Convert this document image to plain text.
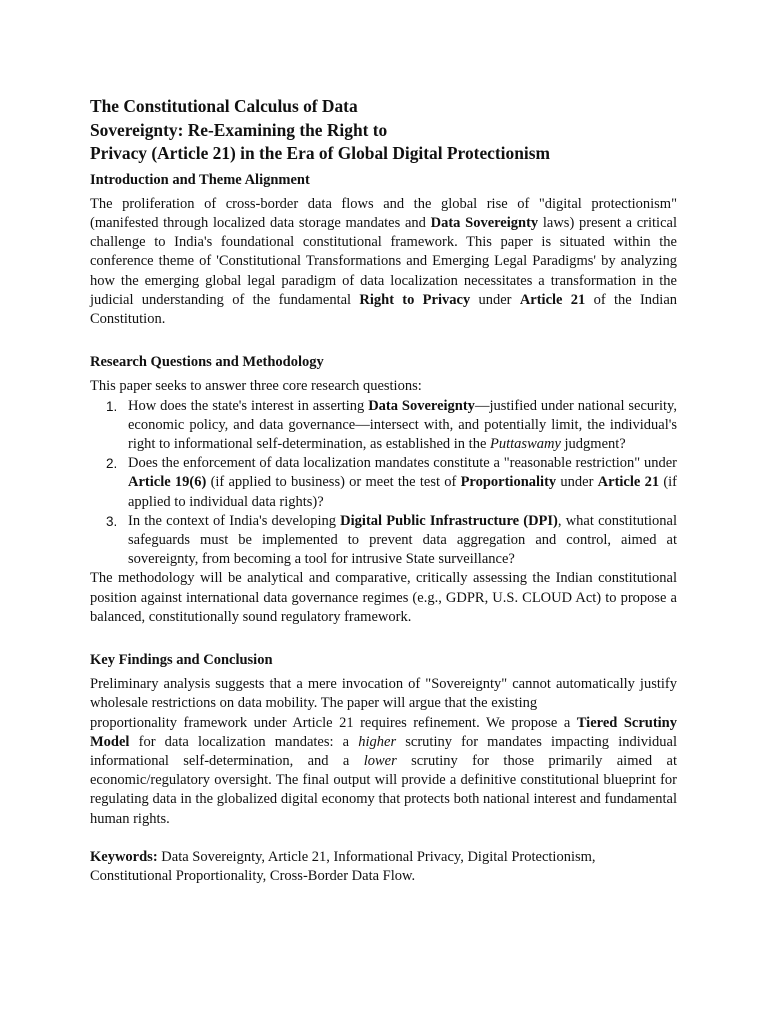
The Constitutional Calculus of Data
Sovereignty: Re-Examining the Right to
Privacy (Article 21) in the Era of Global Digital Protectionism
Introduction and Theme Alignment

The proliferation of cross-border data flows and the global rise of "digital protectionism" (manifested through localized data storage mandates and Data Sovereignty laws) present a critical challenge to India's foundational constitutional framework. This paper is situated within the conference theme of 'Constitutional Transformations and Emerging Legal Paradigms' by analyzing how the emerging global legal paradigm of data localization necessitates a transformation in the judicial understanding of the fundamental Right to Privacy under Article 21 of the Indian Constitution.

Research Questions and Methodology

This paper seeks to answer three core research questions:

1. How does the state's interest in asserting Data Sovereignty—justified under national security, economic policy, and data governance—intersect with, and potentially limit, the individual's right to informational self-determination, as established in the Puttaswamy judgment?
2. Does the enforcement of data localization mandates constitute a "reasonable restriction" under Article 19(6) (if applied to business) or meet the test of Proportionality under Article 21 (if applied to individual data rights)?
3. In the context of India's developing Digital Public Infrastructure (DPI), what constitutional safeguards must be implemented to prevent data aggregation and control, aimed at sovereignty, from becoming a tool for intrusive State surveillance?

The methodology will be analytical and comparative, critically assessing the Indian constitutional position against international data governance regimes (e.g., GDPR, U.S. CLOUD Act) to propose a balanced, constitutionally sound regulatory framework.

Key Findings and Conclusion

Preliminary analysis suggests that a mere invocation of "Sovereignty" cannot automatically justify wholesale restrictions on data mobility. The paper will argue that the existing
proportionality framework under Article 21 requires refinement. We propose a Tiered Scrutiny Model for data localization mandates: a higher scrutiny for mandates impacting individual informational self-determination, and a lower scrutiny for those primarily aimed at economic/regulatory oversight. The final output will provide a definitive constitutional blueprint for regulating data in the globalized digital economy that protects both national interest and fundamental human rights.

Keywords: Data Sovereignty, Article 21, Informational Privacy, Digital Protectionism,
Constitutional Proportionality, Cross-Border Data Flow.
